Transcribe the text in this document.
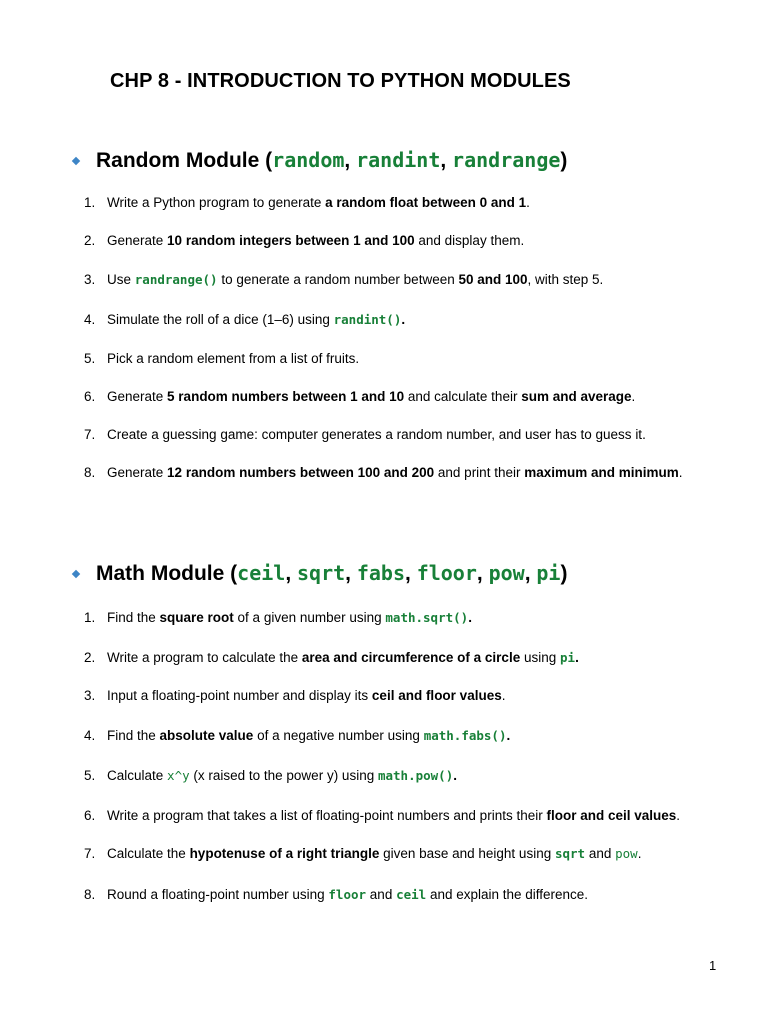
CHP 8 - INTRODUCTION TO PYTHON MODULES
Random Module (random, randint, randrange)
1. Write a Python program to generate a random float between 0 and 1.
2. Generate 10 random integers between 1 and 100 and display them.
3. Use randrange() to generate a random number between 50 and 100, with step 5.
4. Simulate the roll of a dice (1–6) using randint().
5. Pick a random element from a list of fruits.
6. Generate 5 random numbers between 1 and 10 and calculate their sum and average.
7. Create a guessing game: computer generates a random number, and user has to guess it.
8. Generate 12 random numbers between 100 and 200 and print their maximum and minimum.
Math Module (ceil, sqrt, fabs, floor, pow, pi)
1. Find the square root of a given number using math.sqrt().
2. Write a program to calculate the area and circumference of a circle using pi.
3. Input a floating-point number and display its ceil and floor values.
4. Find the absolute value of a negative number using math.fabs().
5. Calculate x^y (x raised to the power y) using math.pow().
6. Write a program that takes a list of floating-point numbers and prints their floor and ceil values.
7. Calculate the hypotenuse of a right triangle given base and height using sqrt and pow.
8. Round a floating-point number using floor and ceil and explain the difference.
1
